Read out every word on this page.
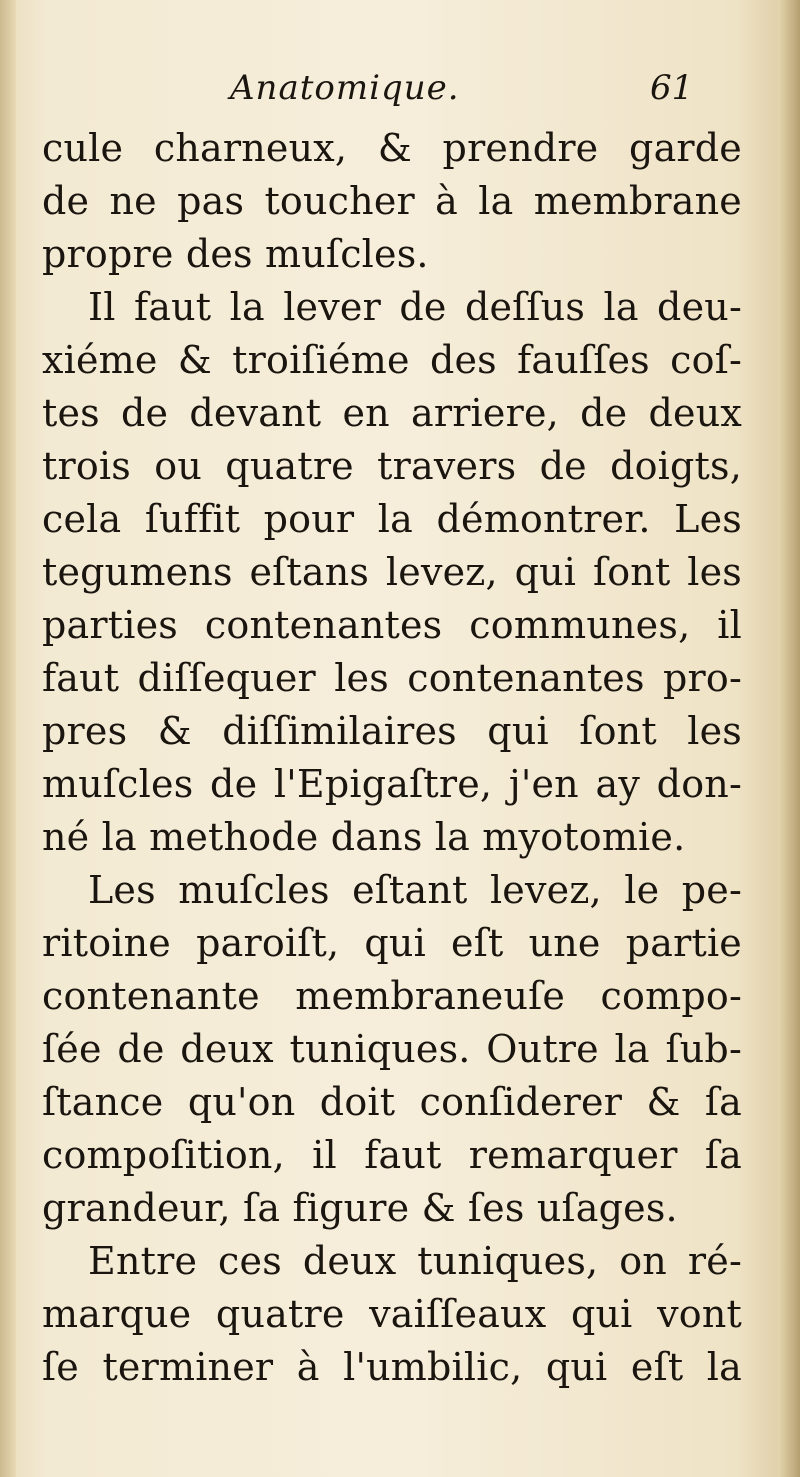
Anatomique.	61
cule charneux, & prendre garde
de ne pas toucher à la membrane
propre des muſcles.
Il faut la lever de deſſus la deu-
xiéme & troiſiéme des fauſſes coſ-
tes de devant en arriere, de deux
trois ou quatre travers de doigts,
cela ſuffit pour la démontrer. Les
tegumens eſtans levez, qui ſont les
parties contenantes communes, il
faut diſſequer les contenantes pro-
pres & diſſimilaires qui ſont les
muſcles de l'Epigaſtre, j'en ay don-
né la methode dans la myotomie.
Les muſcles eſtant levez, le pe-
ritoine paroiſt, qui eſt une partie
contenante membraneuſe compo-
ſée de deux tuniques. Outre la ſub-
ſtance qu'on doit conſiderer & ſa
compoſition, il faut remarquer ſa
grandeur, ſa figure & ſes uſages.
Entre ces deux tuniques, on ré-
marque quatre vaiſſeaux qui vont
ſe terminer à l'umbilic, qui eſt la
